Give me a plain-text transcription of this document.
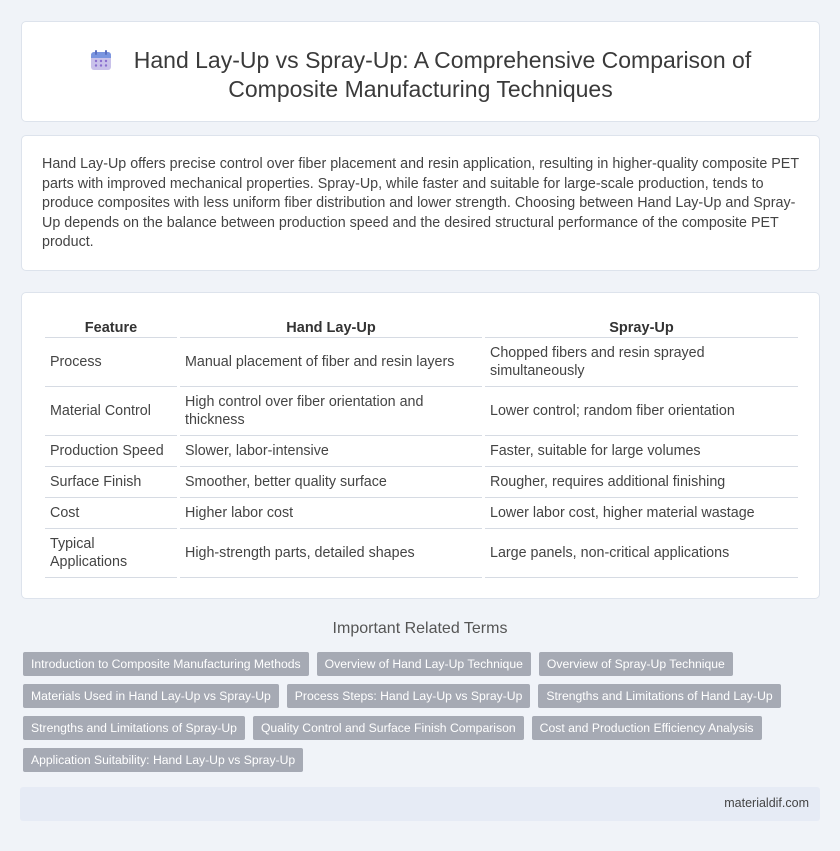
Hand Lay-Up vs Spray-Up: A Comprehensive Comparison of
Composite Manufacturing Techniques

Hand Lay-Up offers precise control over fiber placement and resin application, resulting in higher-quality composite PET parts with improved mechanical properties. Spray-Up, while faster and suitable for large-scale production, tends to produce composites with less uniform fiber distribution and lower strength. Choosing between Hand Lay-Up and Spray-Up depends on the balance between production speed and the desired structural performance of the composite PET product.

Feature	Hand Lay-Up	Spray-Up
Process	Manual placement of fiber and resin layers	Chopped fibers and resin sprayed simultaneously
Material Control	High control over fiber orientation and thickness	Lower control; random fiber orientation
Production Speed	Slower, labor-intensive	Faster, suitable for large volumes
Surface Finish	Smoother, better quality surface	Rougher, requires additional finishing
Cost	Higher labor cost	Lower labor cost, higher material wastage
Typical Applications	High-strength parts, detailed shapes	Large panels, non-critical applications
Important Related Terms
Introduction to Composite Manufacturing Methods	Overview of Hand Lay-Up Technique	Overview of Spray-Up Technique
Materials Used in Hand Lay-Up vs Spray-Up	Process Steps: Hand Lay-Up vs Spray-Up	Strengths and Limitations of Hand Lay-Up
Strengths and Limitations of Spray-Up	Quality Control and Surface Finish Comparison	Cost and Production Efficiency Analysis
Application Suitability: Hand Lay-Up vs Spray-Up
materialdif.com
